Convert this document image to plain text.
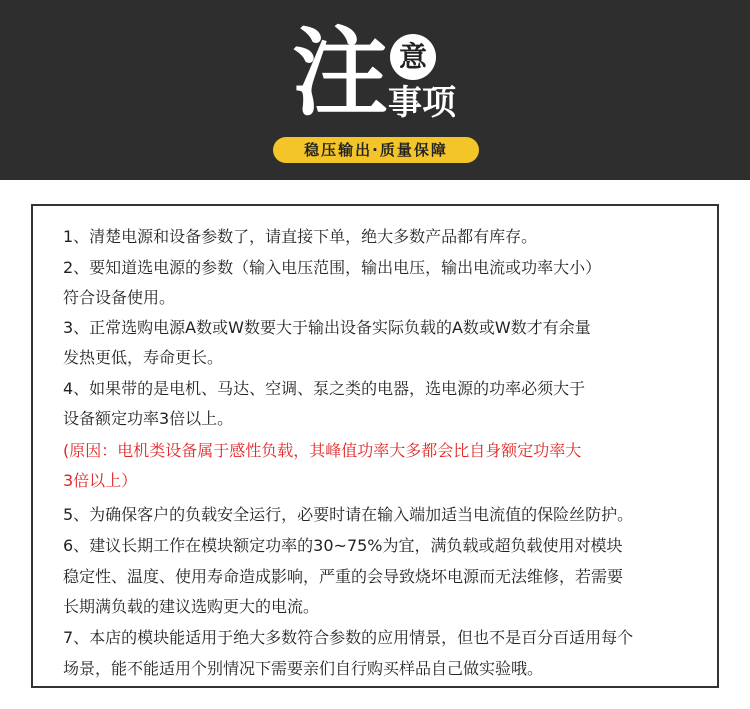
注 意
事项
稳压输出·质量保障
1、清楚电源和设备参数了，请直接下单，绝大多数产品都有库存。
2、要知道选电源的参数（输入电压范围，输出电压，输出电流或功率大小）
符合设备使用。
3、正常选购电源A数或W数要大于输出设备实际负载的A数或W数才有余量
发热更低，寿命更长。
4、如果带的是电机、马达、空调、泵之类的电器，选电源的功率必须大于
设备额定功率3倍以上。
(原因：电机类设备属于感性负载，其峰值功率大多都会比自身额定功率大
3倍以上）
5、为确保客户的负载安全运行，必要时请在输入端加适当电流值的保险丝防护。
6、建议长期工作在模块额定功率的30~75%为宜，满负载或超负载使用对模块
稳定性、温度、使用寿命造成影响，严重的会导致烧坏电源而无法维修，若需要
长期满负载的建议选购更大的电流。
7、本店的模块能适用于绝大多数符合参数的应用情景，但也不是百分百适用每个
场景，能不能适用个别情况下需要亲们自行购买样品自己做实验哦。
